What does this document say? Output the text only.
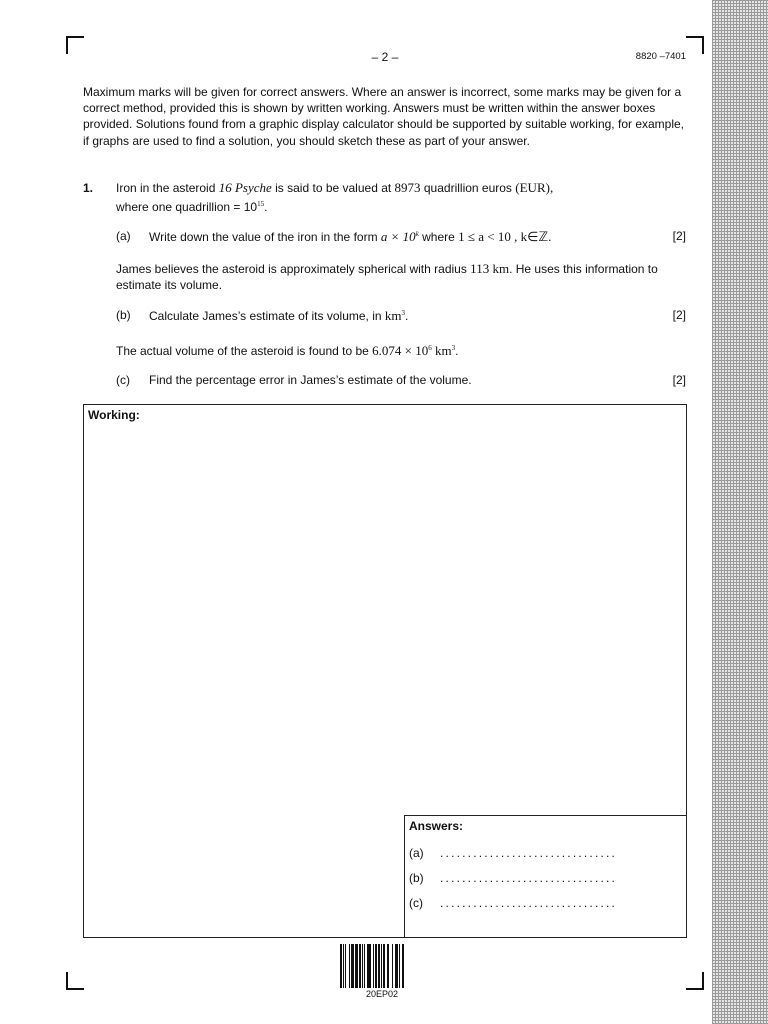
– 2 –	8820 –7401
Maximum marks will be given for correct answers. Where an answer is incorrect, some marks may be given for a correct method, provided this is shown by written working. Answers must be written within the answer boxes provided. Solutions found from a graphic display calculator should be supported by suitable working, for example, if graphs are used to find a solution, you should sketch these as part of your answer.
1. Iron in the asteroid 16 Psyche is said to be valued at 8973 quadrillion euros (EUR),

where one quadrillion = $10^{15}$.

(a) Write down the value of the iron in the form $a \times 10^k$ where 1 ≤ a < 10 , k∈ℤ.	[2]

James believes the asteroid is approximately spherical with radius 113 km. He uses this information to estimate its volume.

(b) Calculate James’s estimate of its volume, in $km^3$.	[2]

The actual volume of the asteroid is found to be $6.074 \times 10^6$ $km^3$.

(c) Find the percentage error in James’s estimate of the volume.	[2]
Working:
Answers:
(a) ................................
(b) ................................
(c) ................................
20EP02
